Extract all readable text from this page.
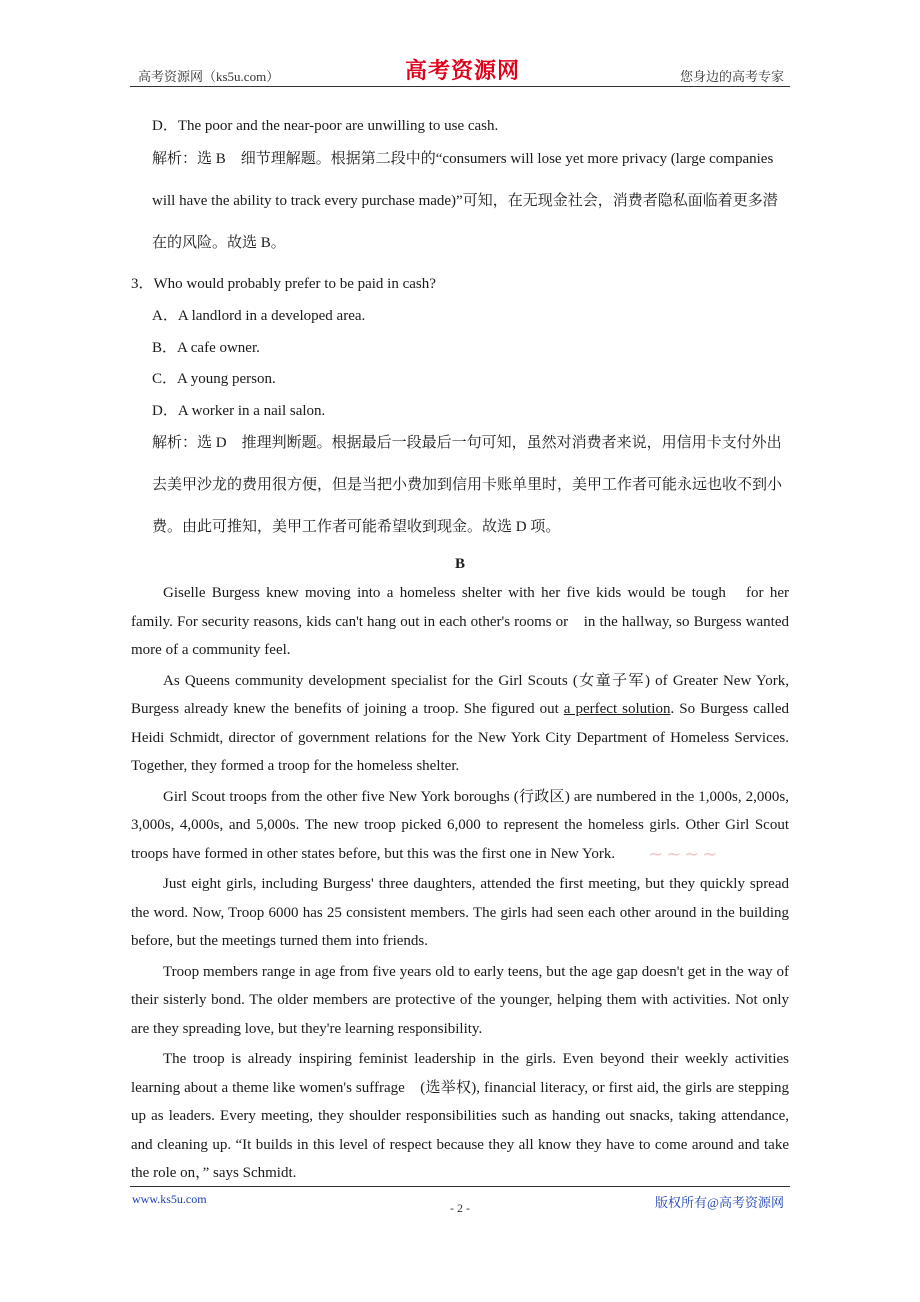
高考资源网（ks5u.com）	高考资源网	您身边的高考专家
D．The poor and the near-poor are unwilling to use cash.
解析：选 B　细节理解题。根据第二段中的“consumers will lose yet more privacy (large companies will have the ability to track every purchase made)”可知，在无现金社会，消费者隐私面临着更多潜在的风险。故选 B。
3．Who would probably prefer to be paid in cash?
A．A landlord in a developed area.
B．A cafe owner.
C．A young person.
D．A worker in a nail salon.
解析：选 D　推理判断题。根据最后一段最后一句可知，虽然对消费者来说，用信用卡支付外出去美甲沙龙的费用很方便，但是当把小费加到信用卡账单里时，美甲工作者可能永远也收不到小费。由此可推知，美甲工作者可能希望收到现金。故选 D 项。
B

Giselle Burgess knew moving into a homeless shelter with her five kids would be tough　for her family. For security reasons, kids can't hang out in each other's rooms or　in the hallway, so Burgess wanted more of a community feel.

As Queens community development specialist for the Girl Scouts (女童子军) of Greater New York, Burgess already knew the benefits of joining a troop. She figured out a perfect solution. So Burgess called Heidi Schmidt, director of government relations for the New York City Department of Homeless Services. Together, they formed a troop for the homeless shelter.

Girl Scout troops from the other five New York boroughs (行政区) are numbered in the 1,000s, 2,000s, 3,000s, 4,000s, and 5,000s. The new troop picked 6,000 to represent the homeless girls. Other Girl Scout troops have formed in other states before, but this was the first one in New York.

Just eight girls, including Burgess' three daughters, attended the first meeting, but they quickly spread the word. Now, Troop 6000 has 25 consistent members. The girls had seen each other around in the building before, but the meetings turned them into friends.

Troop members range in age from five years old to early teens, but the age gap doesn't get in the way of their sisterly bond. The older members are protective of the younger, helping them with activities. Not only are they spreading love, but they're learning responsibility.

The troop is already inspiring feminist leadership in the girls. Even beyond their weekly activities learning about a theme like women's suffrage　(选举权), financial literacy, or first aid, the girls are stepping up as leaders. Every meeting, they shoulder responsibilities such as handing out snacks, taking attendance, and cleaning up. “It builds in this level of respect because they all know they have to come around and take the role on，” says Schmidt.

∼∼∼∼
www.ks5u.com
- 2 -	版权所有@高考资源网
